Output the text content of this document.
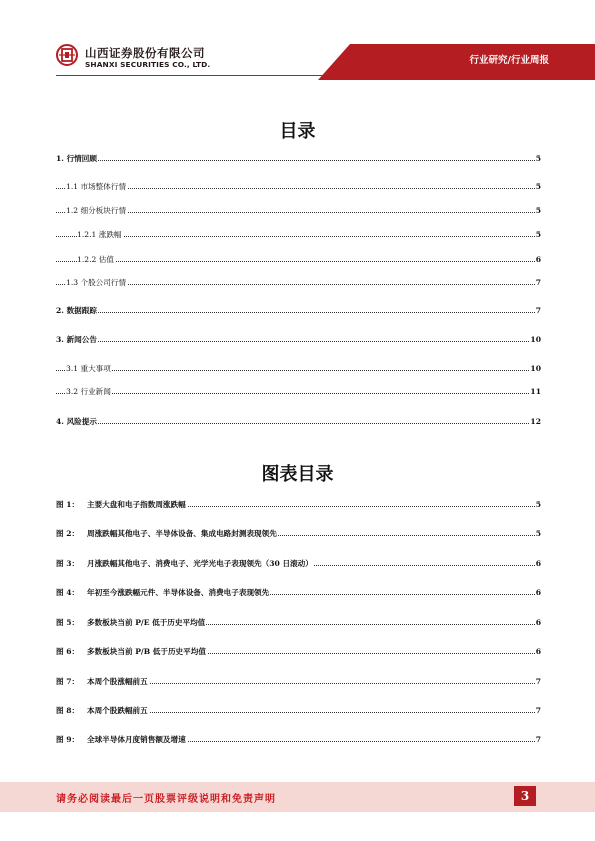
山西证券股份有限公司
SHANXI SECURITIES CO., LTD.	行业研究/行业周报
目录
1. 行情回顾	5
1.1 市场整体行情	5
1.2 细分板块行情	5
1.2.1 涨跌幅	5
1.2.2 估值	6
1.3 个股公司行情	7
2. 数据跟踪	7
3. 新闻公告	10
3.1 重大事项	10
3.2 行业新闻	11
4. 风险提示	12
图表目录
图 1： 主要大盘和电子指数周涨跌幅	5
图 2： 周涨跌幅其他电子、半导体设备、集成电路封测表现领先	5
图 3： 月涨跌幅其他电子、消费电子、光学光电子表现领先（30 日滚动）	6
图 4： 年初至今涨跌幅元件、半导体设备、消费电子表现领先	6
图 5： 多数板块当前 P/E 低于历史平均值	6
图 6： 多数板块当前 P/B 低于历史平均值	6
图 7： 本周个股涨幅前五	7
图 8： 本周个股跌幅前五	7
图 9： 全球半导体月度销售额及增速	7
请务必阅读最后一页股票评级说明和免责声明	3
